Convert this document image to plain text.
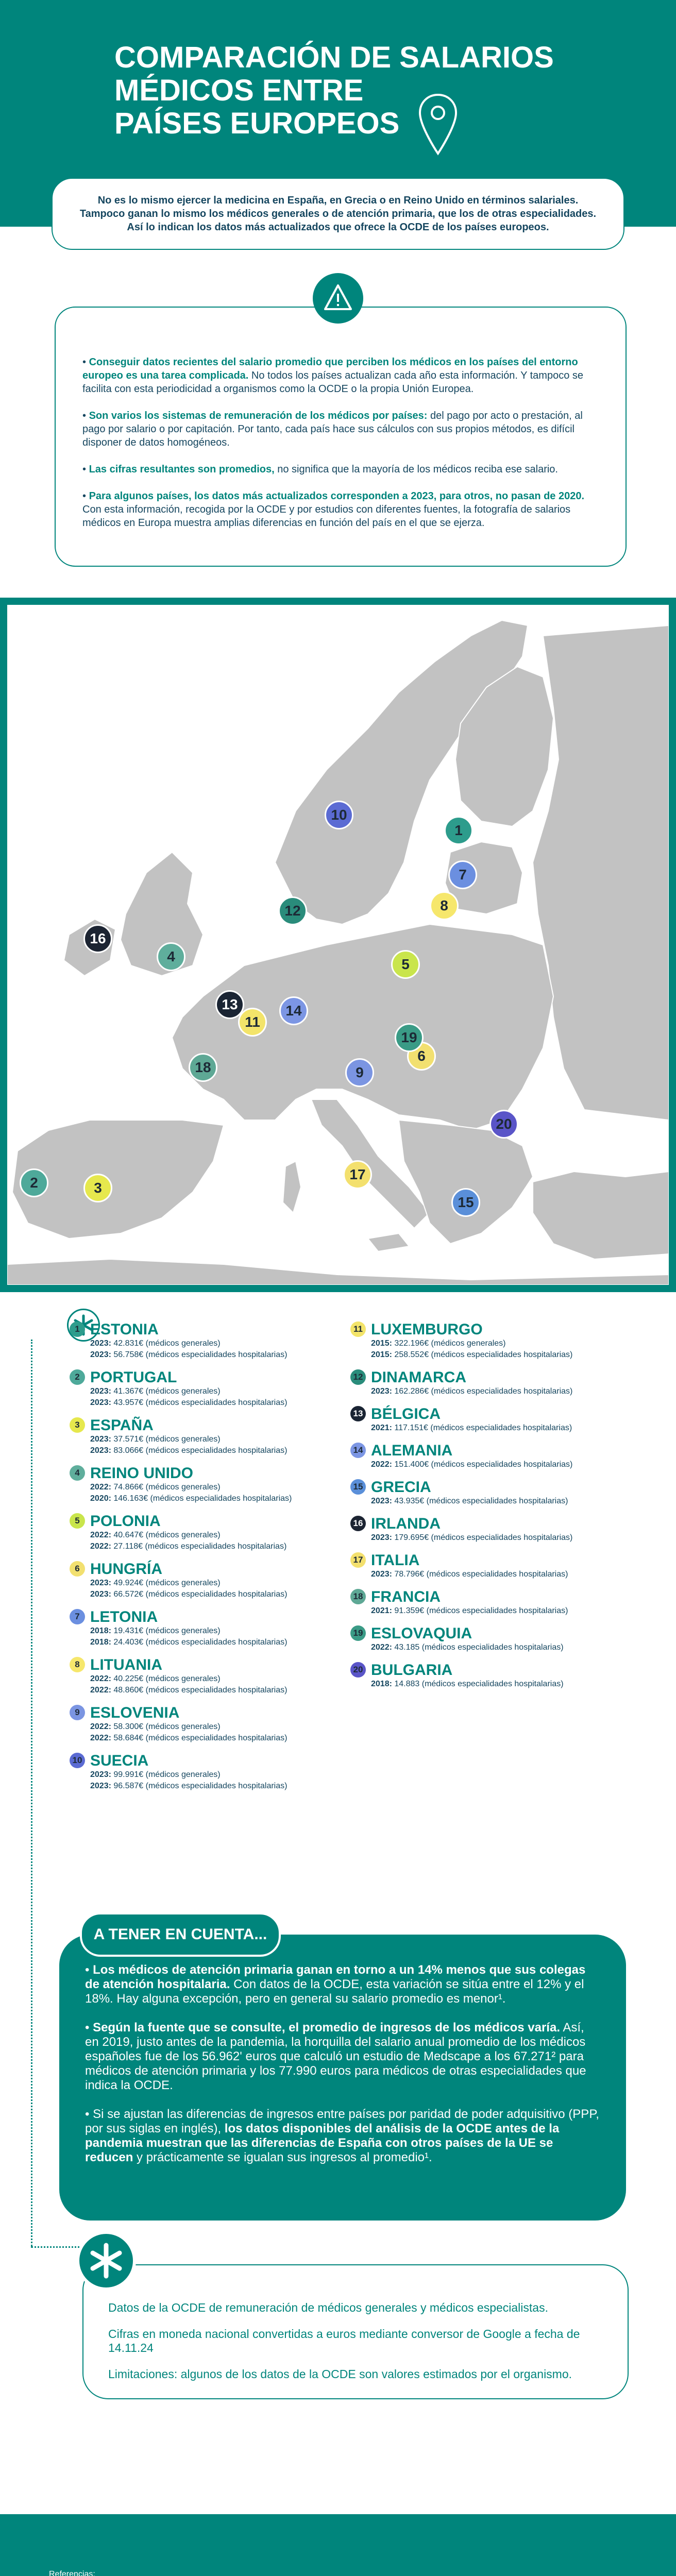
COMPARACIÓN DE SALARIOS
MÉDICOS ENTRE
PAÍSES EUROPEOS

No es lo mismo ejercer la medicina en España, en Grecia o en Reino Unido en términos salariales. Tampoco ganan lo mismo los médicos generales o de atención primaria, que los de otras especialidades. Así lo indican los datos más actualizados que ofrece la OCDE de los países europeos.

• Conseguir datos recientes del salario promedio que perciben los médicos en los países del entorno europeo es una tarea complicada. No todos los países actualizan cada año esta información. Y tampoco se facilita con esta periodicidad a organismos como la OCDE o la propia Unión Europea.

• Son varios los sistemas de remuneración de los médicos por países: del pago por acto o prestación, al pago por salario o por capitación. Por tanto, cada país hace sus cálculos con sus propios métodos, es difícil disponer de datos homogéneos.

• Las cifras resultantes son promedios, no significa que la mayoría de los médicos reciba ese salario.

• Para algunos países, los datos más actualizados corresponden a 2023, para otros, no pasan de 2020. Con esta información, recogida por la OCDE y por estudios con diferentes fuentes, la fotografía de salarios médicos en Europa muestra amplias diferencias en función del país en el que se ejerza.

1
2	3
4	5
6
7
8
9
10
11
12
13	14
15
16
17
18
19
20
1 ESTONIA
2023: 42.831€ (médicos generales)
2023: 56.758€ (médicos especialidades hospitalarias)
2 PORTUGAL
2023: 41.367€ (médicos generales)
2023: 43.957€ (médicos especialidades hospitalarias)
3 ESPAÑA
2023: 37.571€ (médicos generales)
2023: 83.066€ (médicos especialidades hospitalarias)
4 REINO UNIDO
2022: 74.866€ (médicos generales)
2020: 146.163€ (médicos especialidades hospitalarias)
5 POLONIA
2022: 40.647€ (médicos generales)
2022: 27.118€ (médicos especialidades hospitalarias)
6 HUNGRÍA
2023: 49.924€ (médicos generales)
2023: 66.572€ (médicos especialidades hospitalarias)
7 LETONIA
2018: 19.431€ (médicos generales)
2018: 24.403€ (médicos especialidades hospitalarias)
8 LITUANIA
2022: 40.225€ (médicos generales)
2022: 48.860€ (médicos especialidades hospitalarias)
9 ESLOVENIA
2022: 58.300€ (médicos generales)
2022: 58.684€ (médicos especialidades hospitalarias)
10 SUECIA
2023: 99.991€ (médicos generales)
2023: 96.587€ (médicos especialidades hospitalarias)
11 LUXEMBURGO
2015: 322.196€ (médicos generales)
2015: 258.552€ (médicos especialidades hospitalarias)
12 DINAMARCA
2023: 162.286€ (médicos especialidades hospitalarias)
13 BÉLGICA
2021: 117.151€ (médicos especialidades hospitalarias)
14 ALEMANIA
2022: 151.400€ (médicos especialidades hospitalarias)
15 GRECIA
2023: 43.935€ (médicos especialidades hospitalarias)
16 IRLANDA
2023: 179.695€ (médicos especialidades hospitalarias)
17 ITALIA
2023: 78.796€ (médicos especialidades hospitalarias)
18 FRANCIA
2021: 91.359€ (médicos especialidades hospitalarias)
19 ESLOVAQUIA
2022: 43.185 (médicos especialidades hospitalarias)
20 BULGARIA
2018: 14.883 (médicos especialidades hospitalarias)
A TENER EN CUENTA...

• Los médicos de atención primaria ganan en torno a un 14% menos que sus colegas de atención hospitalaria. Con datos de la OCDE, esta variación se sitúa entre el 12% y el 18%. Hay alguna excepción, pero en general su salario promedio es menor¹.

• Según la fuente que se consulte, el promedio de ingresos de los médicos varía. Así, en 2019, justo antes de la pandemia, la horquilla del salario anual promedio de los médicos españoles fue de los 56.962' euros que calculó un estudio de Medscape a los 67.271² para médicos de atención primaria y los 77.990 euros para médicos de otras especialidades que indica la OCDE.

• Si se ajustan las diferencias de ingresos entre países por paridad de poder adquisitivo (PPP, por sus siglas en inglés), los datos disponibles del análisis de la OCDE antes de la pandemia muestran que las diferencias de España con otros países de la UE se reducen y prácticamente se igualan sus ingresos al promedio¹.

Datos de la OCDE de remuneración de médicos generales y médicos especialistas.

Cifras en moneda nacional convertidas a euros mediante conversor de Google a fecha de 14.11.24

Limitaciones: algunos de los datos de la OCDE son valores estimados por el organismo.

Referencias:
